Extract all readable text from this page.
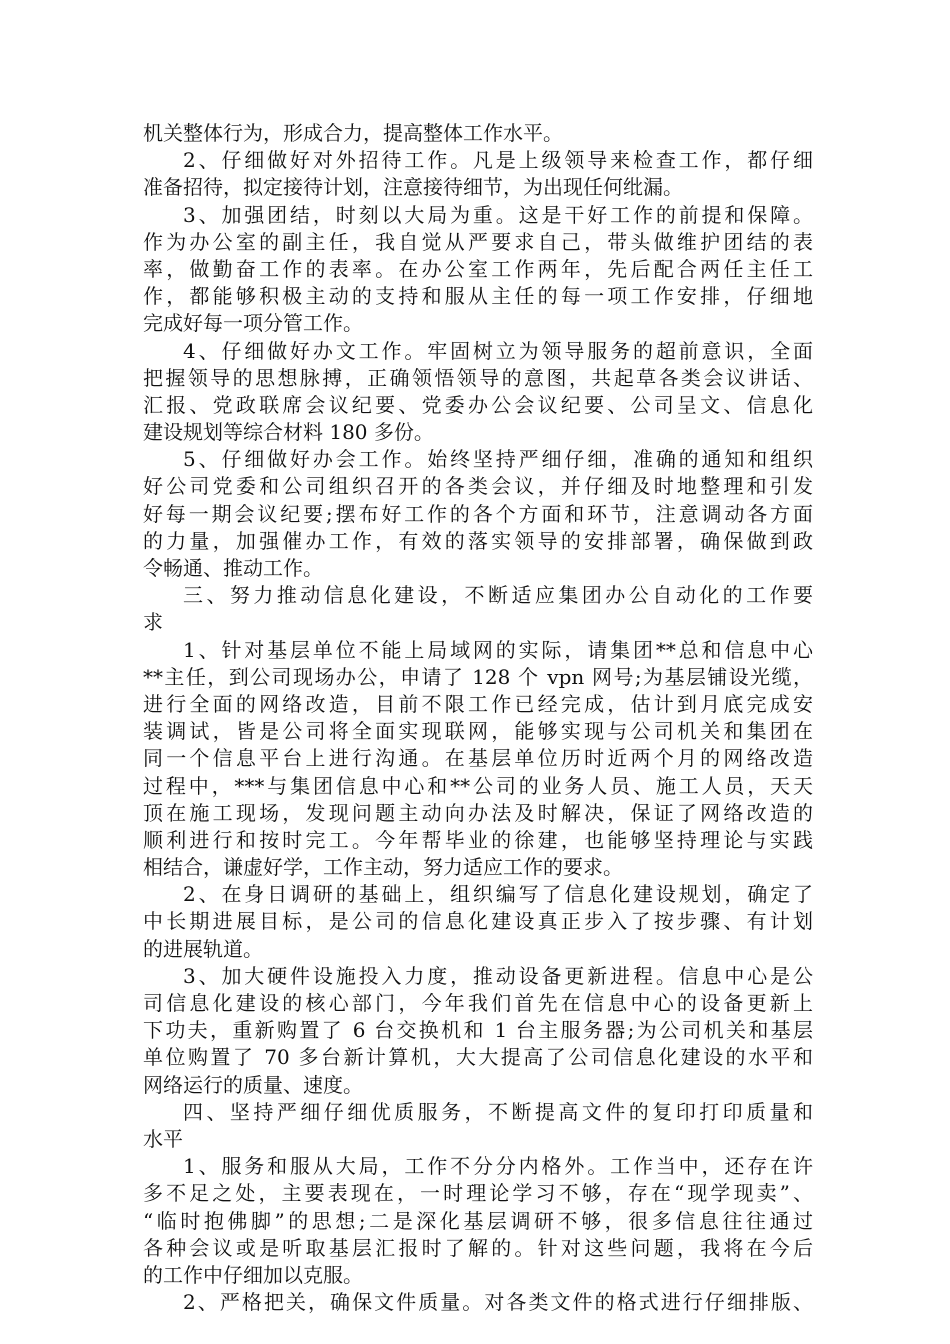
机关整体行为，形成合力，提高整体工作水平。
2、仔细做好对外招待工作。凡是上级领导来检查工作，都仔细
准备招待，拟定接待计划，注意接待细节，为出现任何纰漏。
3、加强团结，时刻以大局为重。这是干好工作的前提和保障。
作为办公室的副主任，我自觉从严要求自己，带头做维护团结的表
率，做勤奋工作的表率。在办公室工作两年，先后配合两任主任工
作，都能够积极主动的支持和服从主任的每一项工作安排，仔细地
完成好每一项分管工作。
4、仔细做好办文工作。牢固树立为领导服务的超前意识，全面
把握领导的思想脉搏，正确领悟领导的意图，共起草各类会议讲话、
汇报、党政联席会议纪要、党委办公会议纪要、公司呈文、信息化
建设规划等综合材料 180 多份。
5、仔细做好办会工作。始终坚持严细仔细，准确的通知和组织
好公司党委和公司组织召开的各类会议，并仔细及时地整理和引发
好每一期会议纪要;摆布好工作的各个方面和环节，注意调动各方面
的力量，加强催办工作，有效的落实领导的安排部署，确保做到政
令畅通、推动工作。
三、努力推动信息化建设，不断适应集团办公自动化的工作要
求
1、针对基层单位不能上局域网的实际，请集团**总和信息中心
**主任，到公司现场办公，申请了 128 个 vpn 网号;为基层铺设光缆，
进行全面的网络改造，目前不限工作已经完成，估计到月底完成安
装调试，皆是公司将全面实现联网，能够实现与公司机关和集团在
同一个信息平台上进行沟通。在基层单位历时近两个月的网络改造
过程中，***与集团信息中心和**公司的业务人员、施工人员，天天
顶在施工现场，发现问题主动向办法及时解决，保证了网络改造的
顺利进行和按时完工。今年帮毕业的徐建，也能够坚持理论与实践
相结合，谦虚好学，工作主动，努力适应工作的要求。
2、在身日调研的基础上，组织编写了信息化建设规划，确定了
中长期进展目标，是公司的信息化建设真正步入了按步骤、有计划
的进展轨道。
3、加大硬件设施投入力度，推动设备更新进程。信息中心是公
司信息化建设的核心部门，今年我们首先在信息中心的设备更新上
下功夫，重新购置了 6 台交换机和 1 台主服务器;为公司机关和基层
单位购置了 70 多台新计算机，大大提高了公司信息化建设的水平和
网络运行的质量、速度。
四、坚持严细仔细优质服务，不断提高文件的复印打印质量和
水平
1、服务和服从大局，工作不分分内格外。工作当中，还存在许
多不足之处，主要表现在，一时理论学习不够，存在“现学现卖”、
“临时抱佛脚”的思想;二是深化基层调研不够，很多信息往往通过
各种会议或是听取基层汇报时了解的。针对这些问题，我将在今后
的工作中仔细加以克服。
2、严格把关，确保文件质量。对各类文件的格式进行仔细排版、
